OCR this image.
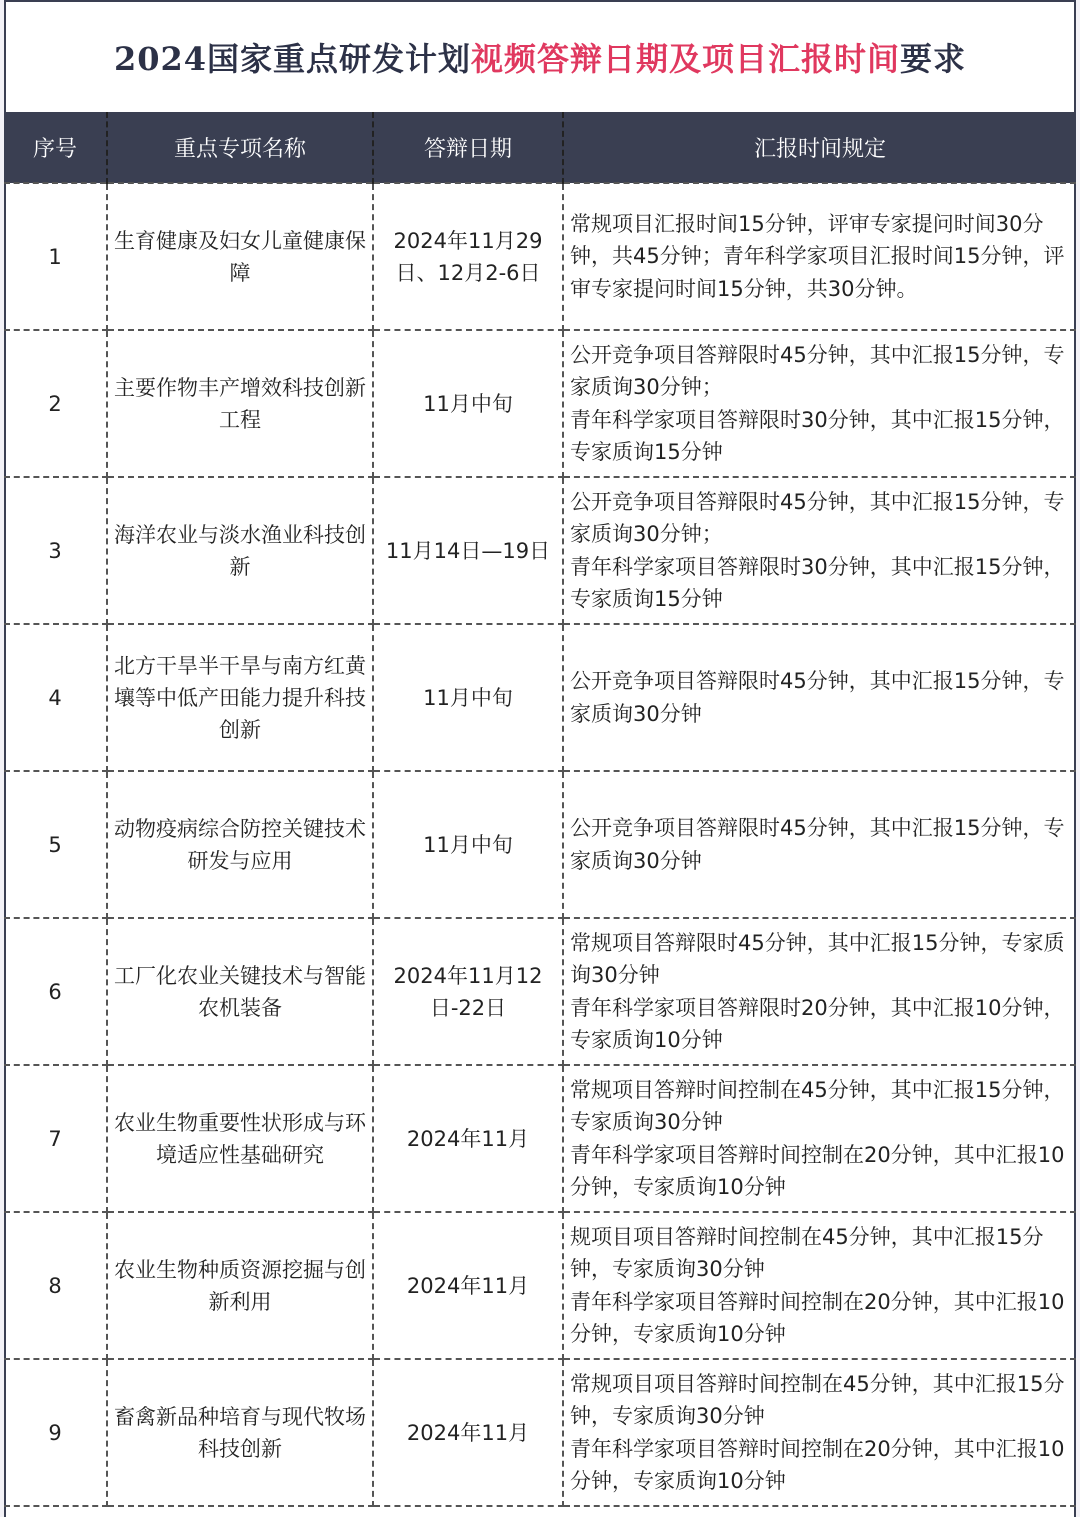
2024国家重点研发计划视频答辩日期及项目汇报时间要求
序号	重点专项名称	答辩日期	汇报时间规定
1	生育健康及妇女儿童健康保障	2024年11月29日、12月2-6日	常规项目汇报时间15分钟，评审专家提问时间30分钟，共45分钟；青年科学家项目汇报时间15分钟，评审专家提问时间15分钟，共30分钟。
2	主要作物丰产增效科技创新工程	11月中旬	公开竞争项目答辩限时45分钟，其中汇报15分钟，专家质询30分钟；
青年科学家项目答辩限时30分钟，其中汇报15分钟，专家质询15分钟
3	海洋农业与淡水渔业科技创新	11月14日—19日	公开竞争项目答辩限时45分钟，其中汇报15分钟，专家质询30分钟；
青年科学家项目答辩限时30分钟，其中汇报15分钟，专家质询15分钟
4	北方干旱半干旱与南方红黄壤等中低产田能力提升科技创新	11月中旬	公开竞争项目答辩限时45分钟，其中汇报15分钟，专家质询30分钟
5	动物疫病综合防控关键技术研发与应用	11月中旬	公开竞争项目答辩限时45分钟，其中汇报15分钟，专家质询30分钟
6	工厂化农业关键技术与智能农机装备	2024年11月12日-22日	常规项目答辩限时45分钟，其中汇报15分钟，专家质询30分钟
青年科学家项目答辩限时20分钟，其中汇报10分钟，专家质询10分钟
7	农业生物重要性状形成与环境适应性基础研究	2024年11月	常规项目答辩时间控制在45分钟，其中汇报15分钟，专家质询30分钟
青年科学家项目答辩时间控制在20分钟，其中汇报10分钟，专家质询10分钟
8	农业生物种质资源挖掘与创新利用	2024年11月	规项目项目答辩时间控制在45分钟，其中汇报15分钟，专家质询30分钟
青年科学家项目答辩时间控制在20分钟，其中汇报10分钟，专家质询10分钟
9	畜禽新品种培育与现代牧场科技创新	2024年11月	常规项目项目答辩时间控制在45分钟，其中汇报15分钟，专家质询30分钟
青年科学家项目答辩时间控制在20分钟，其中汇报10分钟，专家质询10分钟
